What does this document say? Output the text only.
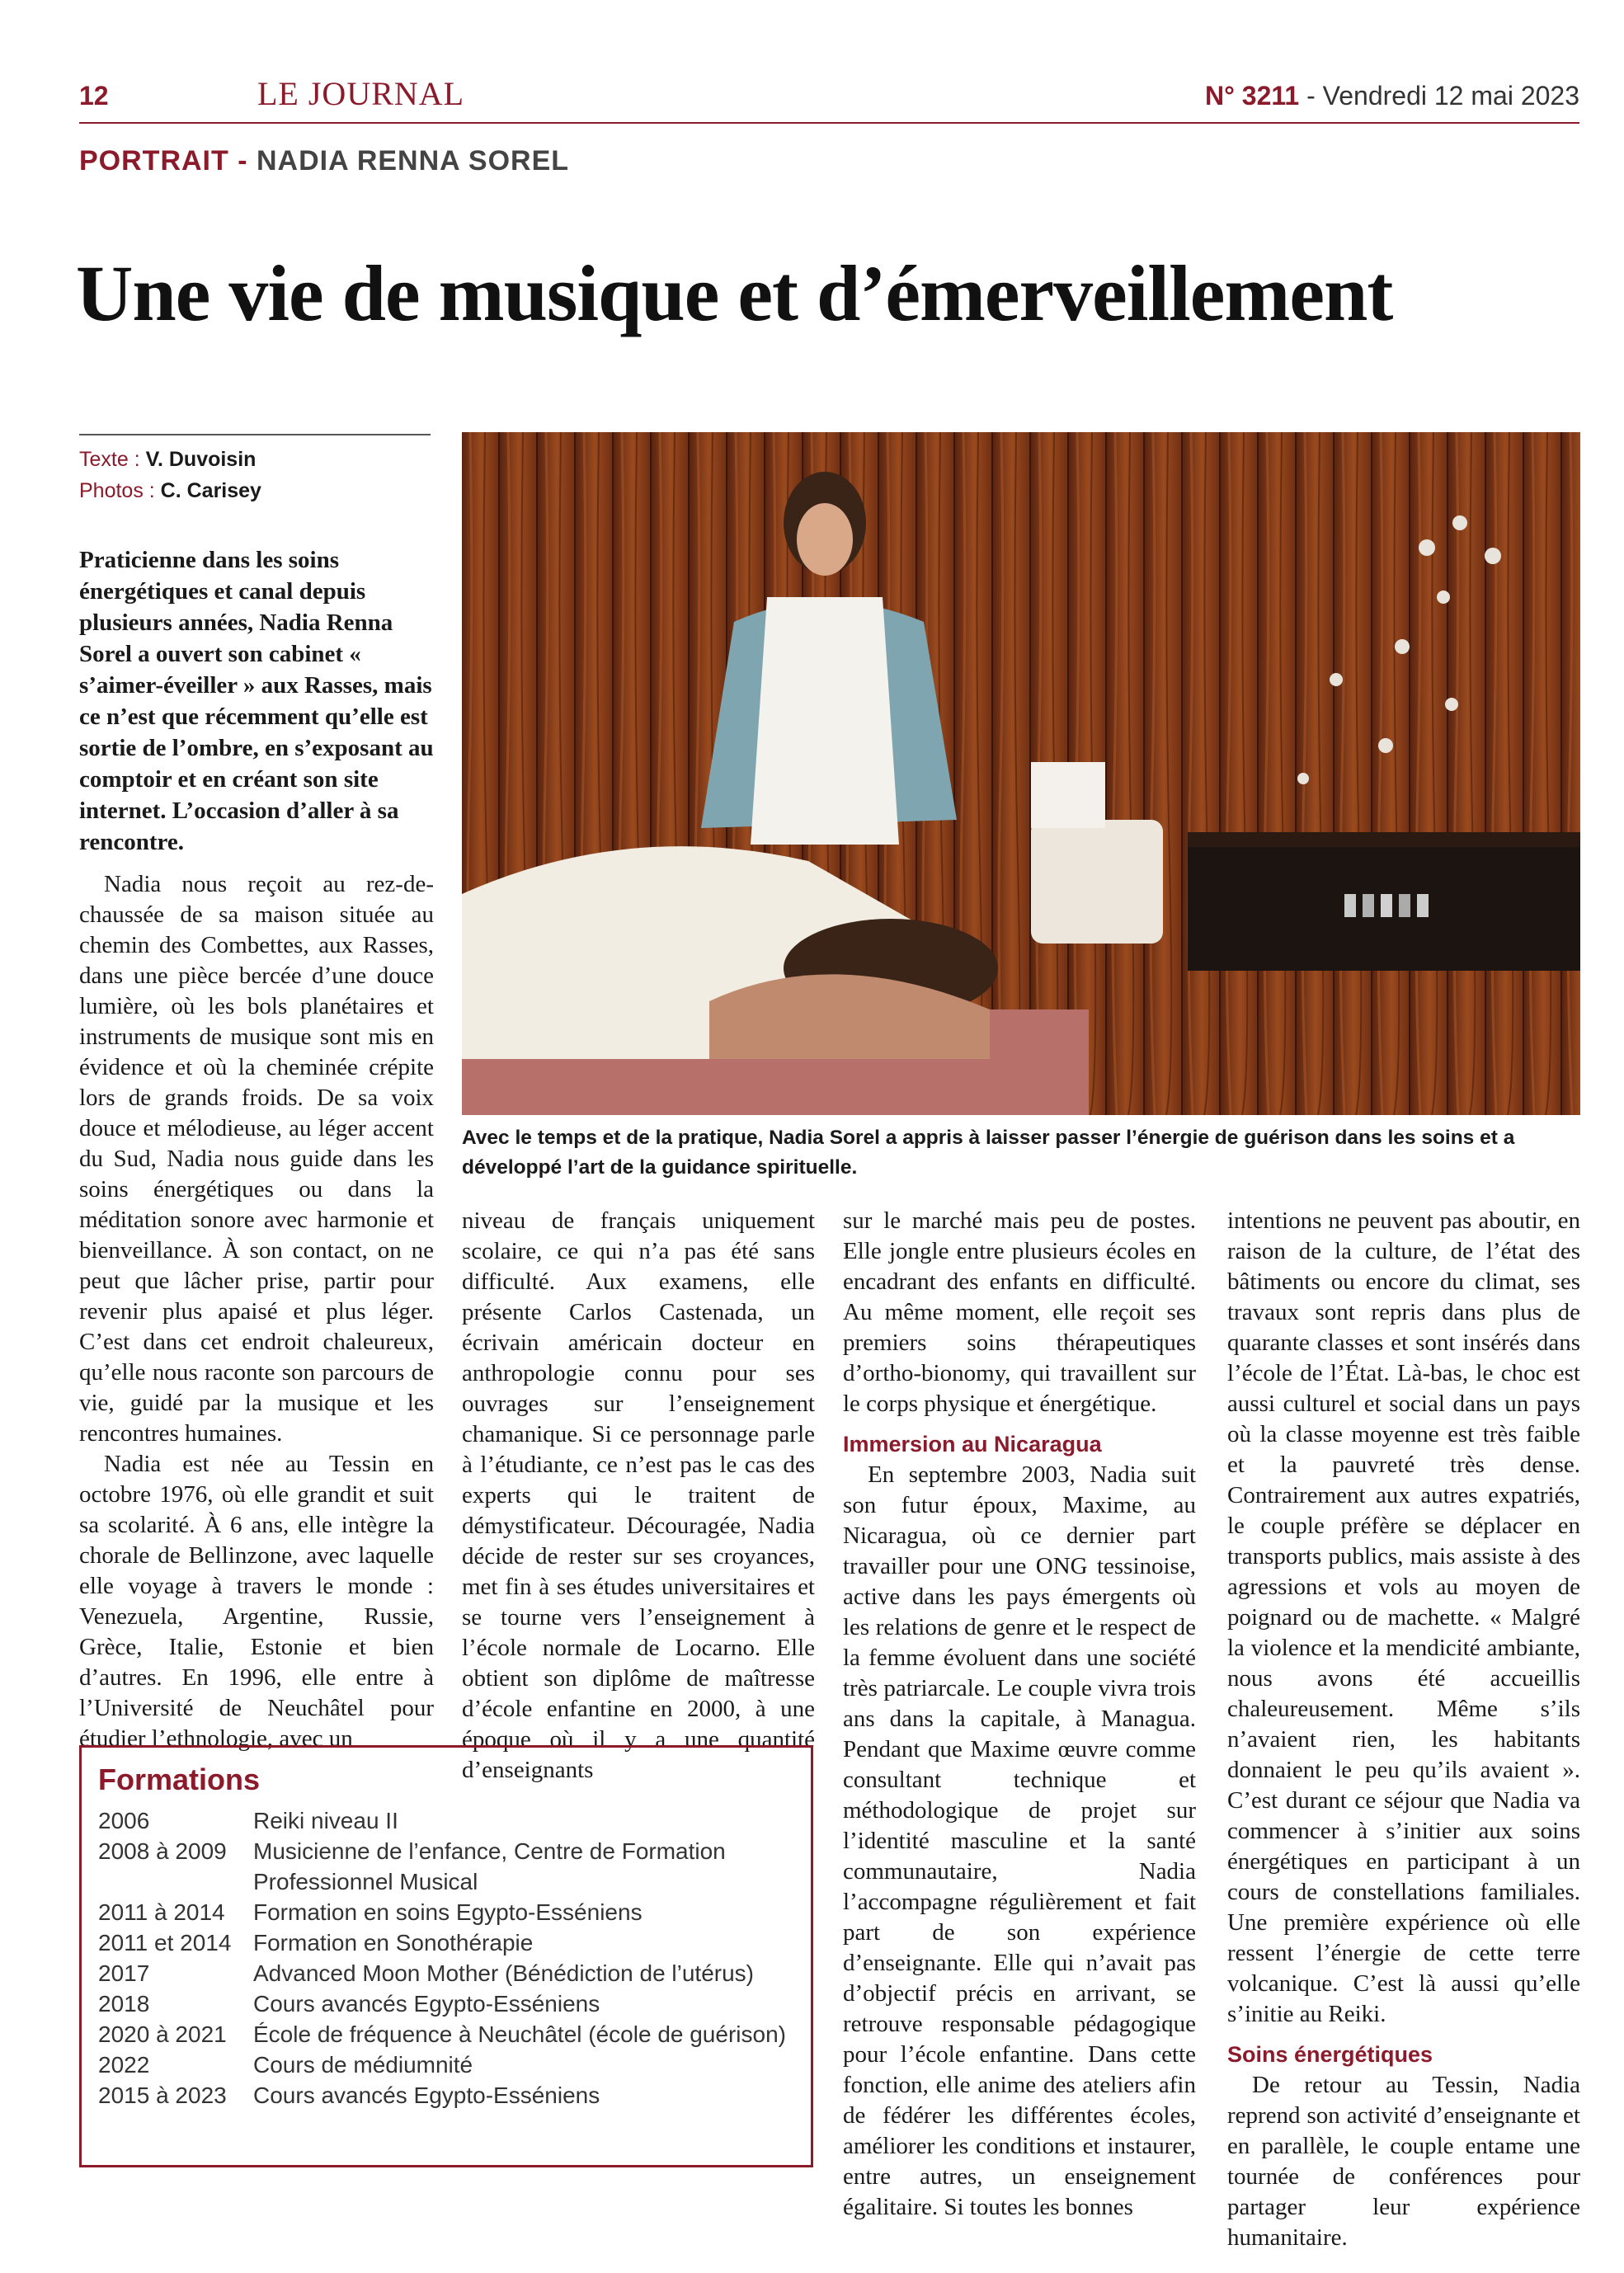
12	LE JOURNAL	N° 3211 - Vendredi 12 mai 2023
PORTRAIT - NADIA RENNA SOREL
Une vie de musique et d’émerveillement
Texte : V. Duvoisin
Photos : C. Carisey
Praticienne dans les soins énergétiques et canal depuis plusieurs années, Nadia Renna Sorel a ouvert son cabinet « s’aimer-éveiller » aux Rasses, mais ce n’est que récemment qu’elle est sortie de l’ombre, en s’exposant au comptoir et en créant son site internet. L’occasion d’aller à sa rencontre.
Avec le temps et de la pratique, Nadia Sorel a appris à laisser passer l’énergie de guérison dans les soins et a développé l’art de la guidance spirituelle.

Nadia nous reçoit au rez-de-chaussée de sa maison située au chemin des Combettes, aux Rasses, dans une pièce bercée d’une douce lumière, où les bols planétaires et instruments de musique sont mis en évidence et où la cheminée crépite lors de grands froids. De sa voix douce et mélodieuse, au léger accent du Sud, Nadia nous guide dans les soins énergétiques ou dans la méditation sonore avec harmonie et bienveillance. À son contact, on ne peut que lâcher prise, partir pour revenir plus apaisé et plus léger. C’est dans cet endroit chaleureux, qu’elle nous raconte son parcours de vie, guidé par la musique et les rencontres humaines.

Nadia est née au Tessin en octobre 1976, où elle grandit et suit sa scolarité. À 6 ans, elle intègre la chorale de Bellinzone, avec laquelle elle voyage à travers le monde : Venezuela, Argentine, Russie, Grèce, Italie, Estonie et bien d’autres. En 1996, elle entre à l’Université de Neuchâtel pour étudier l’ethnologie, avec un

niveau de français uniquement scolaire, ce qui n’a pas été sans difficulté. Aux examens, elle présente Carlos Castenada, un écrivain américain docteur en anthropologie connu pour ses ouvrages sur l’enseignement chamanique. Si ce personnage parle à l’étudiante, ce n’est pas le cas des experts qui le traitent de démystificateur. Découragée, Nadia décide de rester sur ses croyances, met fin à ses études universitaires et se tourne vers l’enseignement à l’école normale de Locarno. Elle obtient son diplôme de maîtresse d’école enfantine en 2000, à une époque où il y a une quantité d’enseignants

sur le marché mais peu de postes. Elle jongle entre plusieurs écoles en encadrant des enfants en difficulté. Au même moment, elle reçoit ses premiers soins thérapeutiques d’ortho-bionomy, qui travaillent sur le corps physique et énergétique.

Immersion au Nicaragua

En septembre 2003, Nadia suit son futur époux, Maxime, au Nicaragua, où ce dernier part travailler pour une ONG tessinoise, active dans les pays émergents où les relations de genre et le respect de la femme évoluent dans une société très patriarcale. Le couple vivra trois ans dans la capitale, à Managua. Pendant que Maxime œuvre comme consultant technique et méthodologique de projet sur l’identité masculine et la santé communautaire, Nadia l’accompagne régulièrement et fait part de son expérience d’enseignante. Elle qui n’avait pas d’objectif précis en arrivant, se retrouve responsable pédagogique pour l’école enfantine. Dans cette fonction, elle anime des ateliers afin de fédérer les différentes écoles, améliorer les conditions et instaurer, entre autres, un enseignement égalitaire. Si toutes les bonnes

intentions ne peuvent pas aboutir, en raison de la culture, de l’état des bâtiments ou encore du climat, ses travaux sont repris dans plus de quarante classes et sont insérés dans l’école de l’État. Là-bas, le choc est aussi culturel et social dans un pays où la classe moyenne est très faible et la pauvreté très dense. Contrairement aux autres expatriés, le couple préfère se déplacer en transports publics, mais assiste à des agressions et vols au moyen de poignard ou de machette. « Malgré la violence et la mendicité ambiante, nous avons été accueillis chaleureusement. Même s’ils n’avaient rien, les habitants donnaient le peu qu’ils avaient ». C’est durant ce séjour que Nadia va commencer à s’initier aux soins énergétiques en participant à un cours de constellations familiales. Une première expérience où elle ressent l’énergie de cette terre volcanique. C’est là aussi qu’elle s’initie au Reiki.

Soins énergétiques

De retour au Tessin, Nadia reprend son activité d’enseignante et en parallèle, le couple entame une tournée de conférences pour partager leur expérience humanitaire.

Formations
2006	Reiki niveau II
2008 à 2009	Musicienne de l’enfance, Centre de Formation Professionnel Musical
2011 à 2014	Formation en soins Egypto-Esséniens
2011 et 2014 Formation en Sonothérapie
2017	Advanced Moon Mother (Bénédiction de l’utérus)
2018	Cours avancés Egypto-Esséniens
2020 à 2021	École de fréquence à Neuchâtel (école de guérison)
2022	Cours de médiumnité
2015 à 2023	Cours avancés Egypto-Esséniens
